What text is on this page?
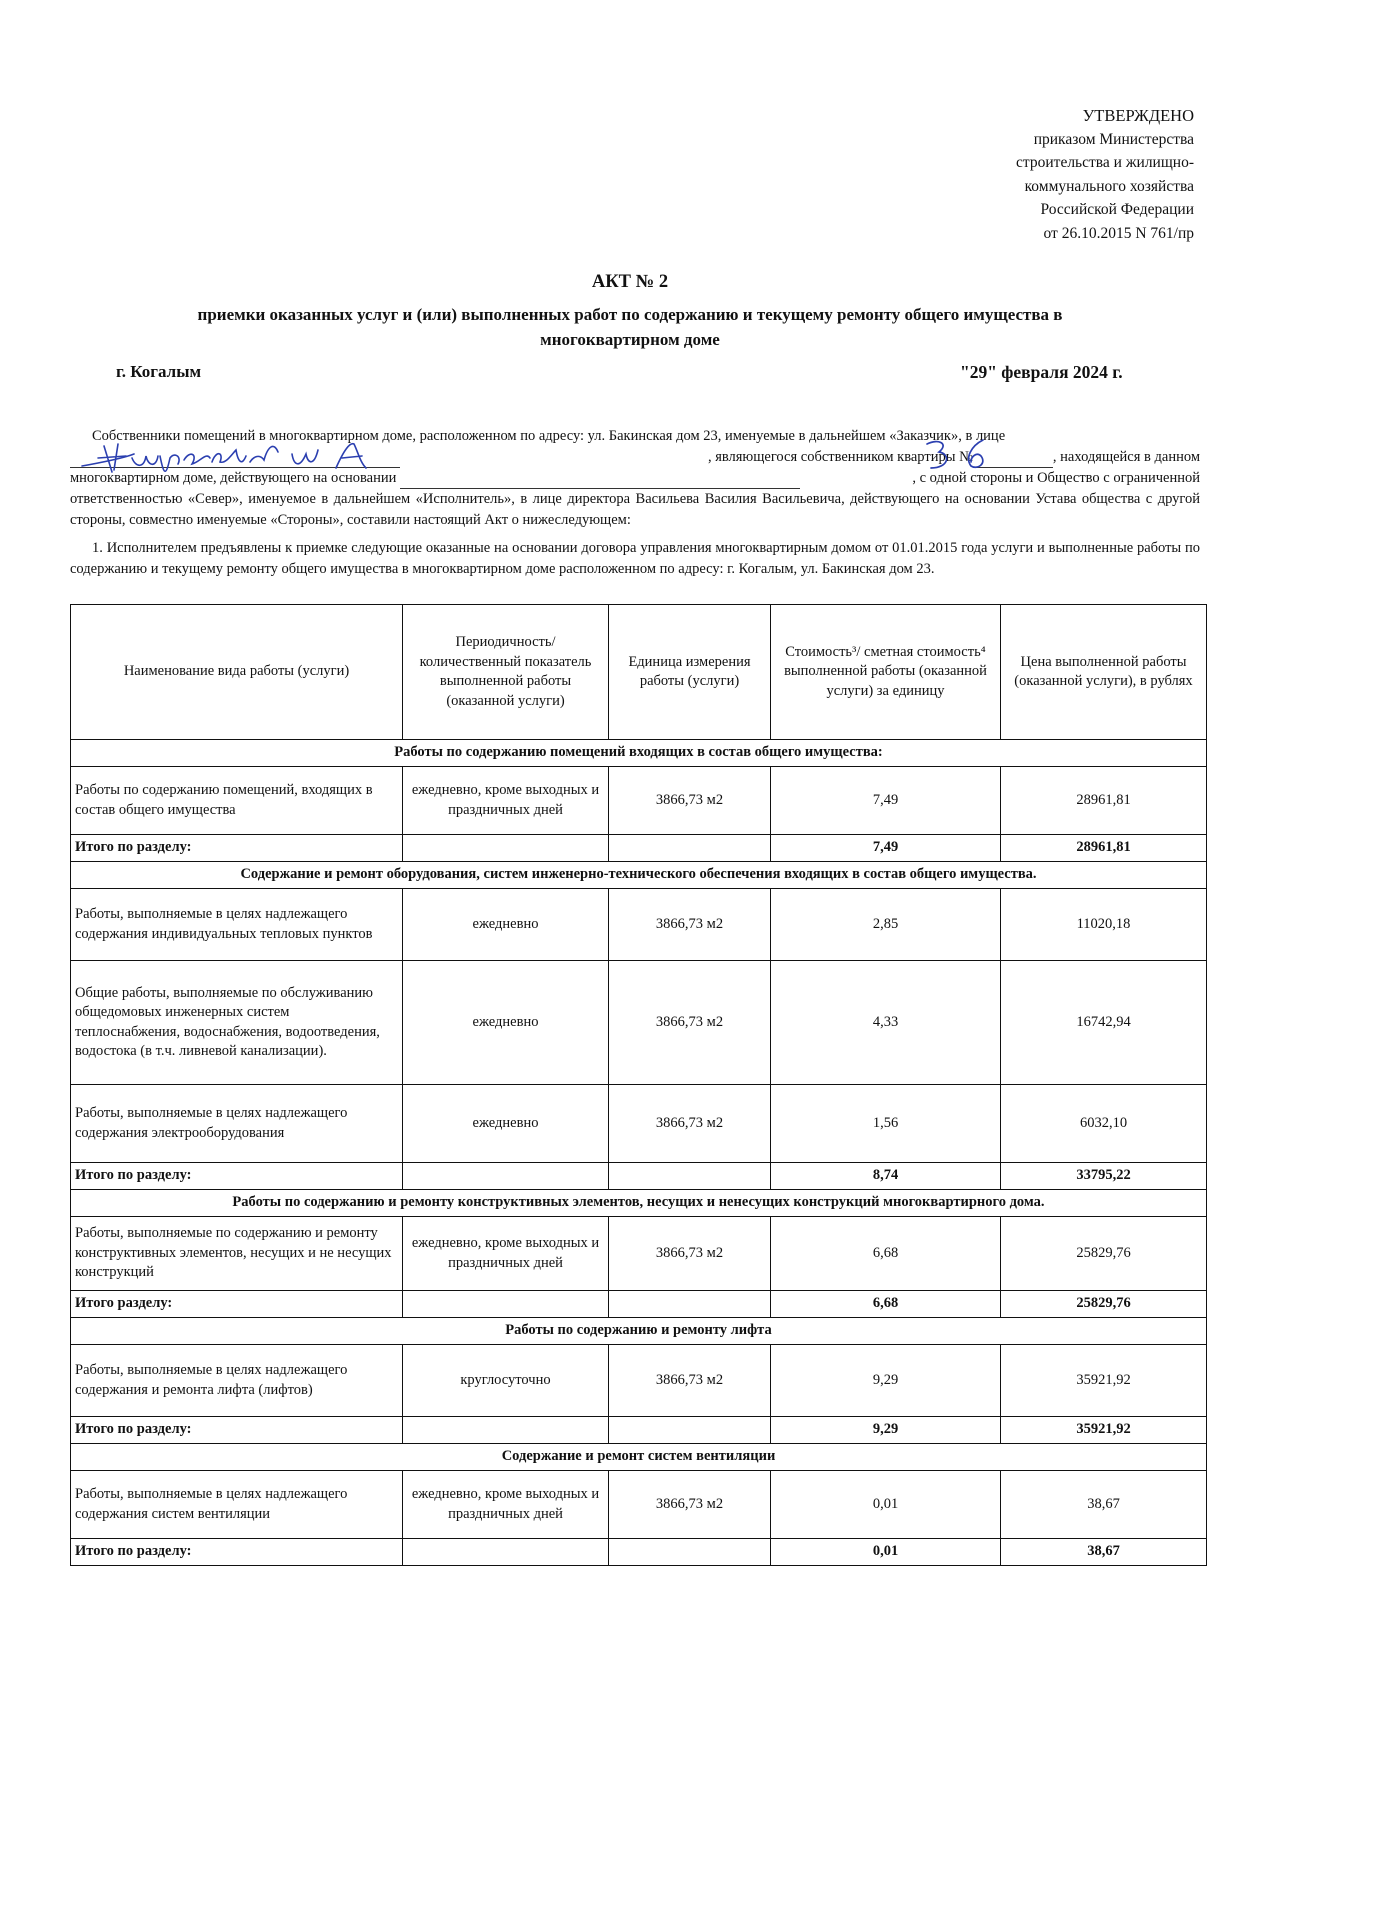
УТВЕРЖДЕНО
приказом Министерства
строительства и жилищно-
коммунального хозяйства
Российской Федерации
от 26.10.2015 N 761/пр
АКТ № 2
приемки оказанных услуг и (или) выполненных работ по содержанию и текущему ремонту общего имущества в
многоквартирном доме
г. Когалым	"29" февраля 2024 г.

Собственники помещений в многоквартирном доме, расположенном по адресу: ул. Бакинская дом 23, именуемые в дальнейшем «Заказчик», в лице

, являющегося собственником квартиры №	, находящейся в данном
многоквартирном доме, действующего на основании	, с одной стороны и Общество с ограниченной

ответственностью «Север», именуемое в дальнейшем «Исполнитель», в лице директора Васильева Василия Васильевича, действующего на основании Устава общества с другой стороны, совместно именуемые «Стороны», составили настоящий Акт о нижеследующем:

1. Исполнителем предъявлены к приемке следующие оказанные на основании договора управления многоквартирным домом от 01.01.2015 года услуги и выполненные работы по содержанию и текущему ремонту общего имущества в многоквартирном доме расположенном по адресу: г. Когалым, ул. Бакинская дом 23.

Наименование вида работы (услуги)	Периодичность/ количественный показатель выполненной работы (оказанной услуги)	Единица измерения работы (услуги)	Стоимость³/ сметная стоимость⁴ выполненной работы (оказанной услуги) за единицу	Цена выполненной работы (оказанной услуги), в рублях
Работы по содержанию помещений входящих в состав общего имущества:				
Работы по содержанию помещений, входящих в состав общего имущества	ежедневно, кроме выходных и праздничных дней	3866,73 м2	7,49	28961,81
Итого по разделу:			7,49	28961,81
Содержание и ремонт оборудования, систем инженерно-технического обеспечения входящих в состав общего имущества.				
Работы, выполняемые в целях надлежащего содержания индивидуальных тепловых пунктов	ежедневно	3866,73 м2	2,85	11020,18
Общие работы, выполняемые по обслуживанию общедомовых инженерных систем теплоснабжения, водоснабжения, водоотведения, водостока (в т.ч. ливневой канализации).	ежедневно	3866,73 м2	4,33	16742,94
Работы, выполняемые в целях надлежащего содержания электрооборудования	ежедневно	3866,73 м2	1,56	6032,10
Итого по разделу:			8,74	33795,22
Работы по содержанию и ремонту конструктивных элементов, несущих и ненесущих конструкций многоквартирного дома.				
Работы, выполняемые по содержанию и ремонту конструктивных элементов, несущих и не несущих конструкций	ежедневно, кроме выходных и праздничных дней	3866,73 м2	6,68	25829,76
Итого разделу:			6,68	25829,76
Работы по содержанию и ремонту лифта				
Работы, выполняемые в целях надлежащего содержания и ремонта лифта (лифтов)	круглосуточно	3866,73 м2	9,29	35921,92
Итого по разделу:			9,29	35921,92
Содержание и ремонт систем вентиляции				
Работы, выполняемые в целях надлежащего содержания систем вентиляции	ежедневно, кроме выходных и праздничных дней	3866,73 м2	0,01	38,67
Итого по разделу:			0,01	38,67
